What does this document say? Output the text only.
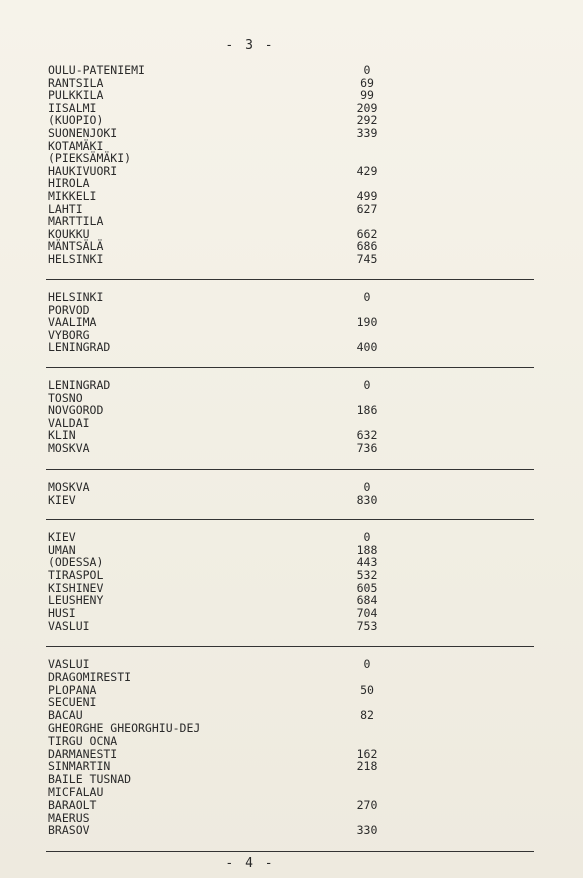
- 3 -
OULU-PATENIEMI	0
RANTSILA	69
PULKKILA	99
IISALMI	209
(KUOPIO)	292
SUONENJOKI	339
KOTAMÄKI
(PIEKSÄMÄKI)
HAUKIVUORI	429
HIROLA
MIKKELI	499
LAHTI	627
MARTTILA
KOUKKU	662
MÄNTSÄLÄ	686
HELSINKI	745
HELSINKI	0
PORVOD
VAALIMA	190
VYBORG
LENINGRAD	400
LENINGRAD	0
TOSNO
NOVGOROD	186
VALDAI
KLIN	632
MOSKVA	736
MOSKVA	0
KIEV	830
KIEV	0
UMAN	188
(ODESSA)	443
TIRASPOL	532
KISHINEV	605
LEUSHENY	684
HUSI	704
VASLUI	753
VASLUI	0
DRAGOMIRESTI
PLOPANA	50
SECUENI
BACAU	82
GHEORGHE GHEORGHIU-DEJ
TIRGU OCNA
DARMANESTI	162
SINMARTIN	218
BAILE TUSNAD
MICFALAU
BARAOLT	270
MAERUS
BRASOV	330
- 4 -
